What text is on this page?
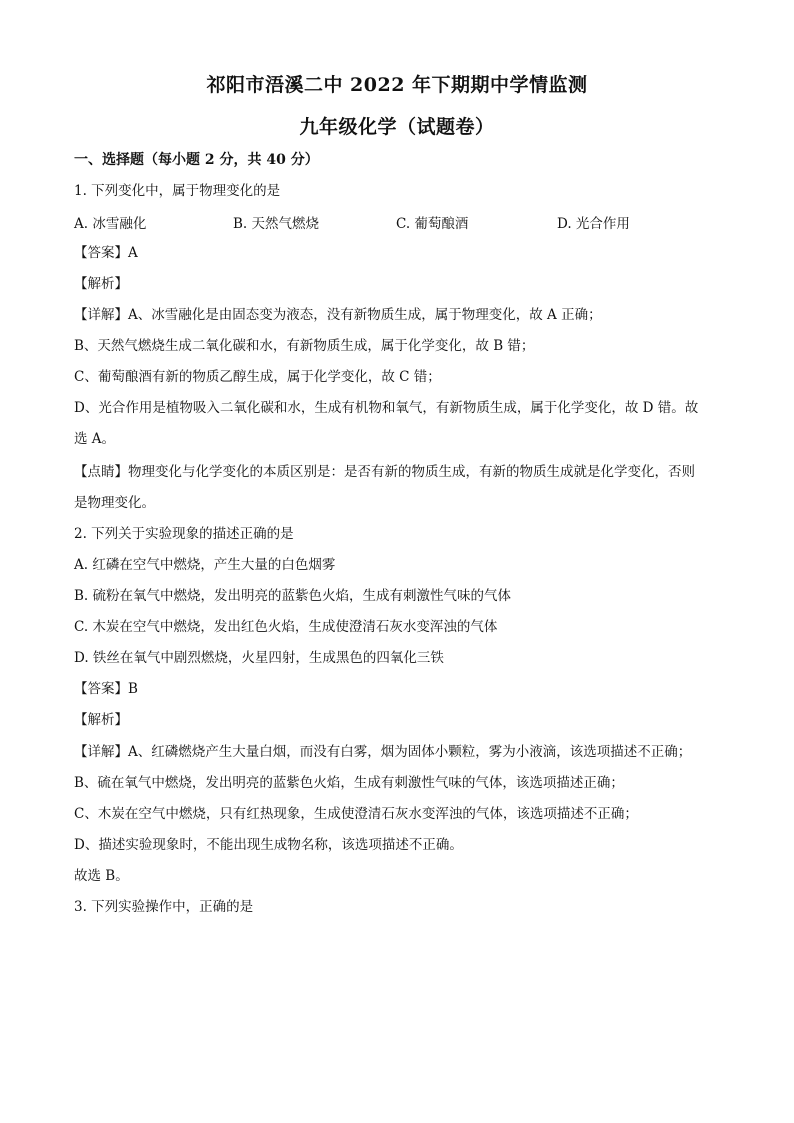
祁阳市浯溪二中 2022 年下期期中学情监测
九年级化学（试题卷）
一、选择题（每小题 2 分，共 40 分）
1. 下列变化中，属于物理变化的是
A. 冰雪融化	B. 天然气燃烧	C. 葡萄酿酒	D. 光合作用
【答案】A
【解析】
【详解】A、冰雪融化是由固态变为液态，没有新物质生成，属于物理变化，故 A 正确；
B、天然气燃烧生成二氧化碳和水，有新物质生成，属于化学变化，故 B 错；
C、葡萄酿酒有新的物质乙醇生成，属于化学变化，故 C 错；
D、光合作用是植物吸入二氧化碳和水，生成有机物和氧气，有新物质生成，属于化学变化，故 D 错。故
选 A。
【点睛】物理变化与化学变化的本质区别是：是否有新的物质生成，有新的物质生成就是化学变化，否则
是物理变化。
2. 下列关于实验现象的描述正确的是
A. 红磷在空气中燃烧，产生大量的白色烟雾
B. 硫粉在氧气中燃烧，发出明亮的蓝紫色火焰，生成有刺激性气味的气体
C. 木炭在空气中燃烧，发出红色火焰，生成使澄清石灰水变浑浊的气体
D. 铁丝在氧气中剧烈燃烧，火星四射，生成黑色的四氧化三铁
【答案】B
【解析】
【详解】A、红磷燃烧产生大量白烟，而没有白雾，烟为固体小颗粒，雾为小液滴，该选项描述不正确；
B、硫在氧气中燃烧，发出明亮的蓝紫色火焰，生成有刺激性气味的气体，该选项描述正确；
C、木炭在空气中燃烧，只有红热现象，生成使澄清石灰水变浑浊的气体，该选项描述不正确；
D、描述实验现象时，不能出现生成物名称，该选项描述不正确。
故选 B。
3. 下列实验操作中，正确的是
